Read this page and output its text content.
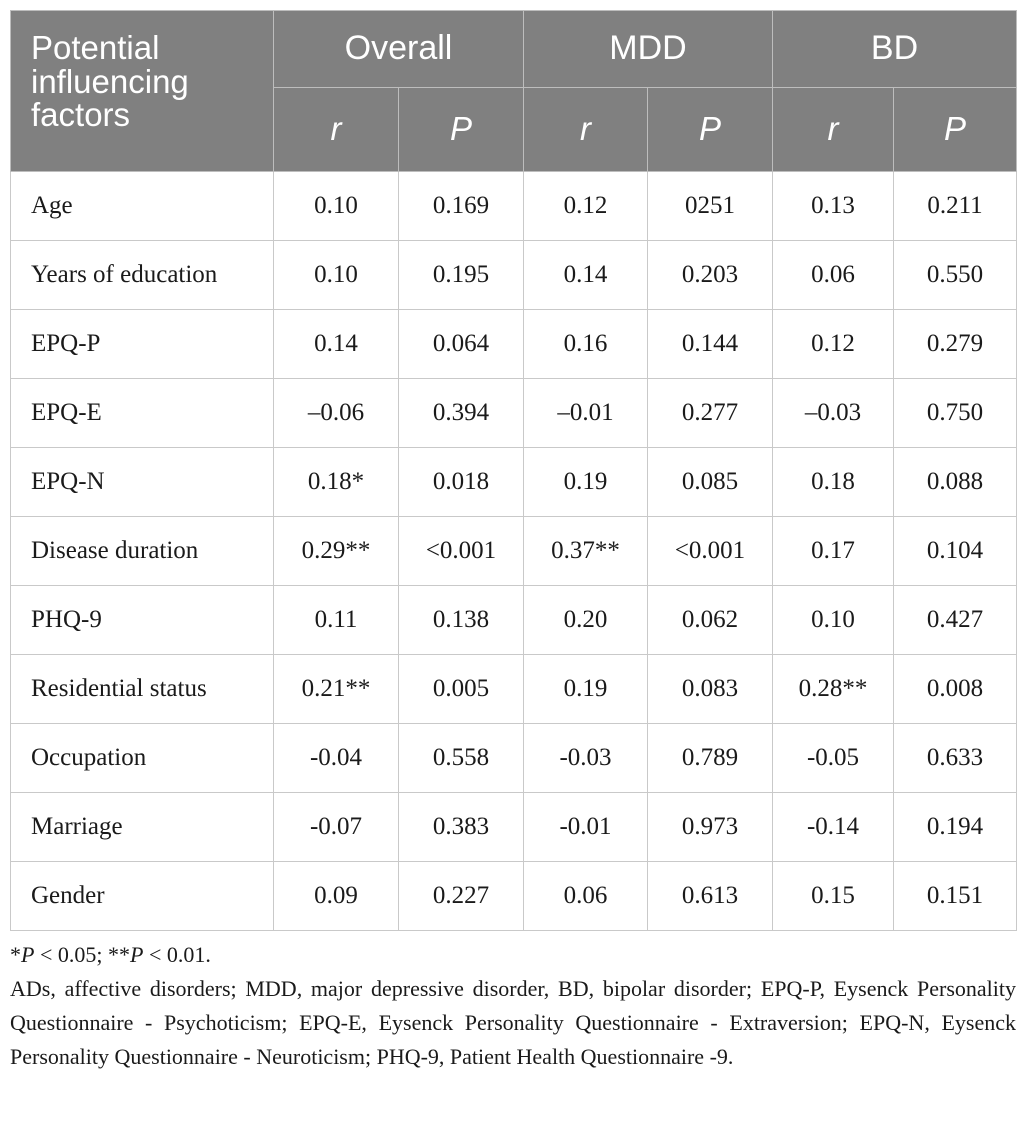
Potential influencing factors	Overall		MDD		BD	
	r	P	r	P	r	P
Age	0.10	0.169	0.12	0251	0.13	0.211
Years of education	0.10	0.195	0.14	0.203	0.06	0.550
EPQ-P	0.14	0.064	0.16	0.144	0.12	0.279
EPQ-E	–0.06	0.394	–0.01	0.277	–0.03	0.750
EPQ-N	0.18*	0.018	0.19	0.085	0.18	0.088
Disease duration	0.29**	<0.001	0.37**	<0.001	0.17	0.104
PHQ-9	0.11	0.138	0.20	0.062	0.10	0.427
Residential status	0.21**	0.005	0.19	0.083	0.28**	0.008
Occupation	-0.04	0.558	-0.03	0.789	-0.05	0.633
Marriage	-0.07	0.383	-0.01	0.973	-0.14	0.194
Gender	0.09	0.227	0.06	0.613	0.15	0.151

*P < 0.05; **P < 0.01.

ADs, affective disorders; MDD, major depressive disorder, BD, bipolar disorder; EPQ-P, Eysenck Personality Questionnaire - Psychoticism; EPQ-E, Eysenck Personality Questionnaire - Extraversion; EPQ-N, Eysenck Personality Questionnaire - Neuroticism; PHQ-9, Patient Health Questionnaire -9.
